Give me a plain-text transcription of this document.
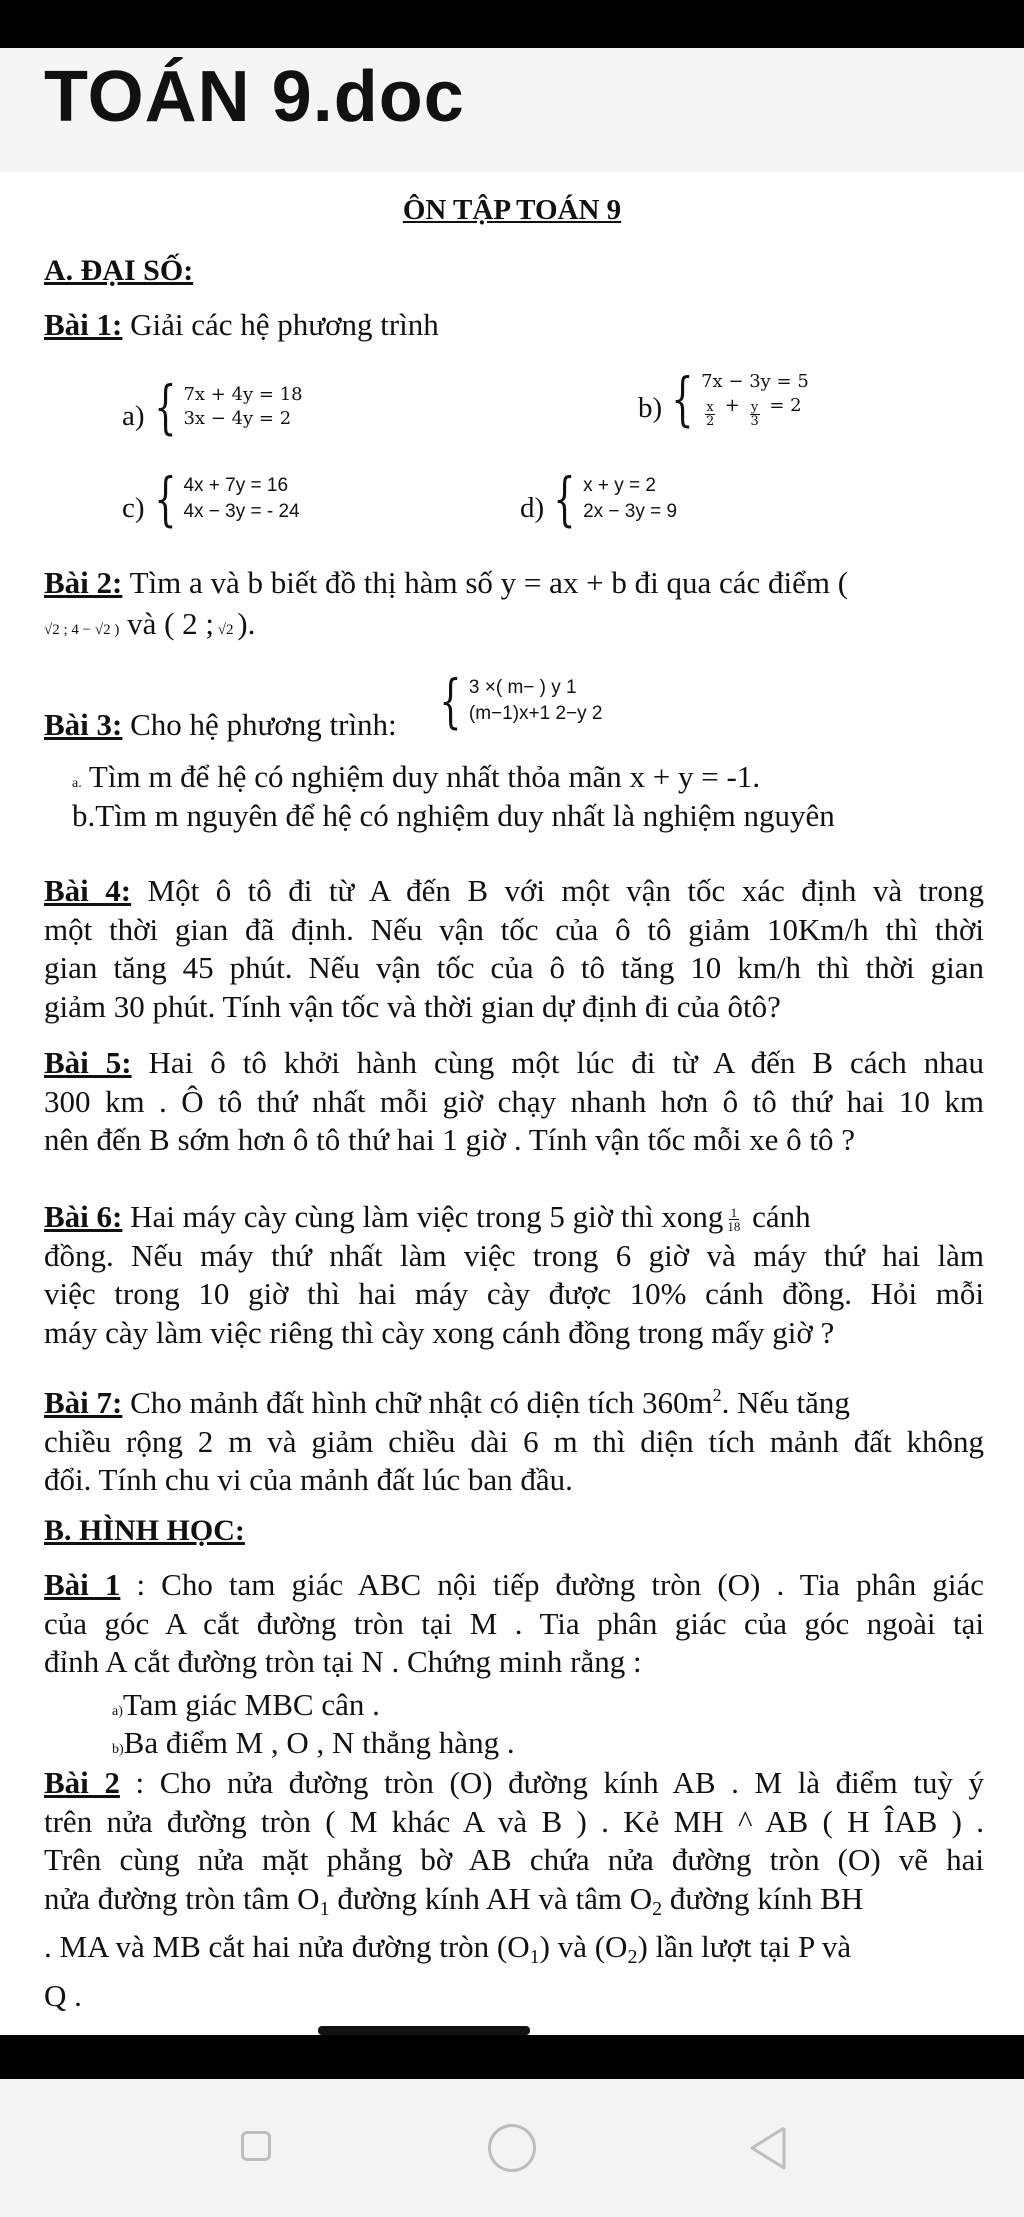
TOÁN 9.doc
ÔN TẬP TOÁN 9
A. ĐẠI SỐ:
Bài 1: Giải các hệ phương trình
a) { 7x + 4y = 18
3x − 4y = 2	b) { 7x − 3y = 5
$\frac{x}{2} + \frac{y}{3} = 2$
c) { 4x + 7y = 16
4x − 3y = - 24	d) { x + y = 2
2x − 3y = 9
Bài 2: Tìm a và b biết đồ thị hàm số y = ax + b đi qua các điểm (
√2 ; 4 − √2 ) và ( 2 ; √2 ).
Bài 3: Cho hệ phương trình: { 3 ×( m− ) y 1
(m−1)x+1 2−y 2
a. Tìm m để hệ có nghiệm duy nhất thỏa mãn x + y = -1.
b.Tìm m nguyên để hệ có nghiệm duy nhất là nghiệm nguyên
Bài 4: Một ô tô đi từ A đến B với một vận tốc xác định và trong
một thời gian đã định. Nếu vận tốc của ô tô giảm 10Km/h thì thời
gian tăng 45 phút. Nếu vận tốc của ô tô tăng 10 km/h thì thời gian
giảm 30 phút. Tính vận tốc và thời gian dự định đi của ôtô?
Bài 5: Hai ô tô khởi hành cùng một lúc đi từ A đến B cách nhau
300 km . Ô tô thứ nhất mỗi giờ chạy nhanh hơn ô tô thứ hai 10 km
nên đến B sớm hơn ô tô thứ hai 1 giờ . Tính vận tốc mỗi xe ô tô ?
Bài 6: Hai máy cày cùng làm việc trong 5 giờ thì xong $\frac{1}{18}$ cánh
đồng. Nếu máy thứ nhất làm việc trong 6 giờ và máy thứ hai làm
việc trong 10 giờ thì hai máy cày được 10% cánh đồng. Hỏi mỗi
máy cày làm việc riêng thì cày xong cánh đồng trong mấy giờ ?
Bài 7: Cho mảnh đất hình chữ nhật có diện tích $360m^2$. Nếu tăng
chiều rộng 2 m và giảm chiều dài 6 m thì diện tích mảnh đất không
đổi. Tính chu vi của mảnh đất lúc ban đầu.
B. HÌNH HỌC:
Bài 1 : Cho tam giác ABC nội tiếp đường tròn (O) . Tia phân giác
của góc A cắt đường tròn tại M . Tia phân giác của góc ngoài tại
đỉnh A cắt đường tròn tại N . Chứng minh rằng :
a)Tam giác MBC cân .
b)Ba điểm M , O , N thẳng hàng .
Bài 2 : Cho nửa đường tròn (O) đường kính AB . M là điểm tuỳ ý
trên nửa đường tròn ( M khác A và B ) . Kẻ MH ^ AB ( H ÎAB ) .
Trên cùng nửa mặt phẳng bờ AB chứa nửa đường tròn (O) vẽ hai
nửa đường tròn tâm $O_1$ đường kính AH và tâm $O_2$ đường kính BH
. MA và MB cắt hai nửa đường tròn $(O_1)$ và $(O_2)$ lần lượt tại P và
Q .
